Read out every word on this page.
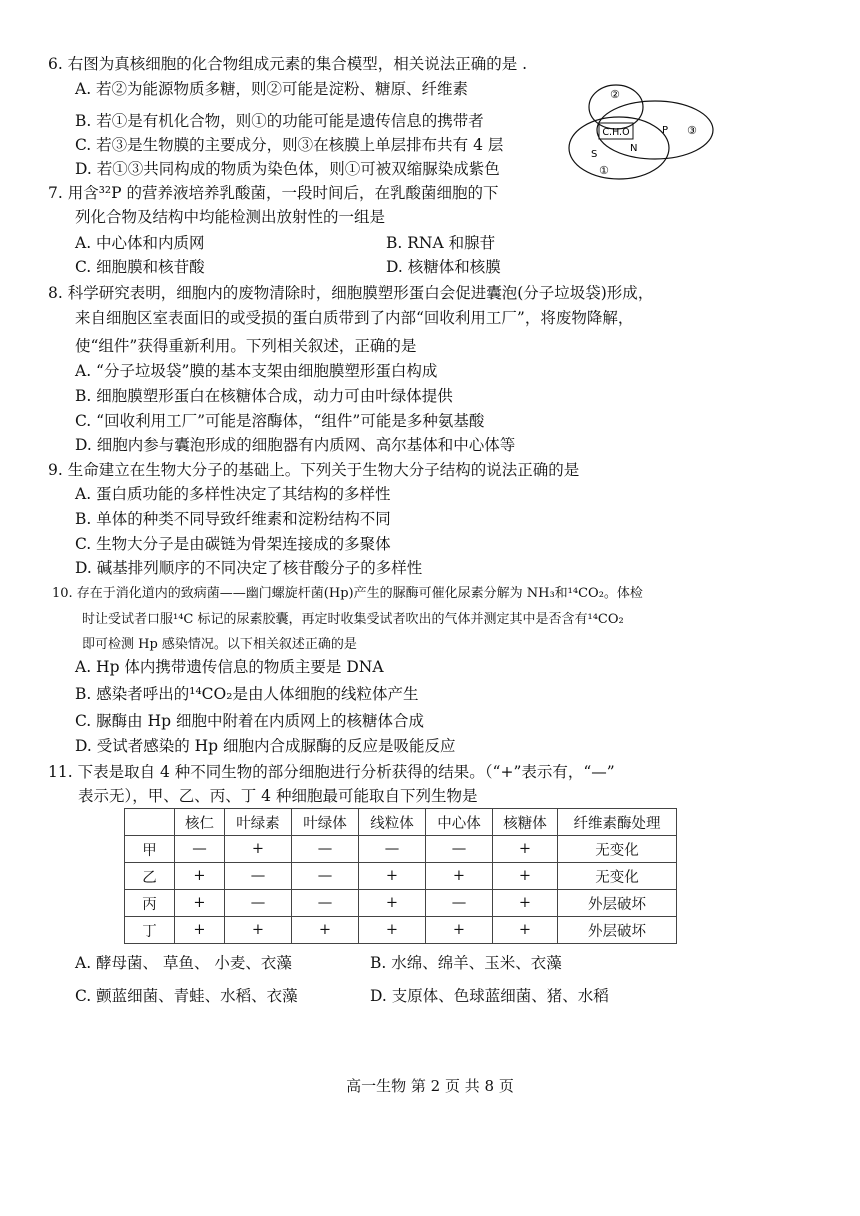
6. 右图为真核细胞的化合物组成元素的集合模型，相关说法正确的是 .
A. 若②为能源物质多糖，则②可能是淀粉、糖原、纤维素
B. 若①是有机化合物，则①的功能可能是遗传信息的携带者
C. 若③是生物膜的主要成分，则③在核膜上单层排布共有 4 层
D. 若①③共同构成的物质为染色体，则①可被双缩脲染成紫色
C.H.O
②
P ③
N
S
①
7. 用含³²P 的营养液培养乳酸菌，一段时间后，在乳酸菌细胞的下
列化合物及结构中均能检测出放射性的一组是
A. 中心体和内质网	B. RNA 和腺苷
C. 细胞膜和核苷酸	D. 核糖体和核膜
8. 科学研究表明，细胞内的废物清除时，细胞膜塑形蛋白会促进囊泡(分子垃圾袋)形成，
来自细胞区室表面旧的或受损的蛋白质带到了内部“回收利用工厂”，将废物降解，
使“组件”获得重新利用。下列相关叙述，正确的是
A. “分子垃圾袋”膜的基本支架由细胞膜塑形蛋白构成
B. 细胞膜塑形蛋白在核糖体合成，动力可由叶绿体提供
C. “回收利用工厂”可能是溶酶体，“组件”可能是多种氨基酸
D. 细胞内参与囊泡形成的细胞器有内质网、高尔基体和中心体等
9. 生命建立在生物大分子的基础上。下列关于生物大分子结构的说法正确的是
A. 蛋白质功能的多样性决定了其结构的多样性
B. 单体的种类不同导致纤维素和淀粉结构不同
C. 生物大分子是由碳链为骨架连接成的多聚体
D. 碱基排列顺序的不同决定了核苷酸分子的多样性
10. 存在于消化道内的致病菌——幽门螺旋杆菌(Hp)产生的脲酶可催化尿素分解为 NH₃和¹⁴CO₂。体检
时让受试者口服¹⁴C 标记的尿素胶囊，再定时收集受试者吹出的气体并测定其中是否含有¹⁴CO₂
即可检测 Hp 感染情况。以下相关叙述正确的是
A. Hp 体内携带遗传信息的物质主要是 DNA
B. 感染者呼出的¹⁴CO₂是由人体细胞的线粒体产生
C. 脲酶由 Hp 细胞中附着在内质网上的核糖体合成
D. 受试者感染的 Hp 细胞内合成脲酶的反应是吸能反应
11. 下表是取自 4 种不同生物的部分细胞进行分析获得的结果。（“+”表示有，“—”
表示无），甲、乙、丙、丁 4 种细胞最可能取自下列生物是
	核仁	叶绿素	叶绿体	线粒体	中心体	核糖体	纤维素酶处理
甲	—	+	—	—	—	+	无变化
乙	+	—	—	+	+	+	无变化
丙	+	—	—	+	—	+	外层破坏
丁	+	+	+	+	+	+	外层破坏
A. 酵母菌、 草鱼、 小麦、衣藻	B. 水绵、绵羊、玉米、衣藻
C. 颤蓝细菌、青蛙、水稻、衣藻	D. 支原体、色球蓝细菌、猪、水稻
高一生物 第 2 页 共 8 页
